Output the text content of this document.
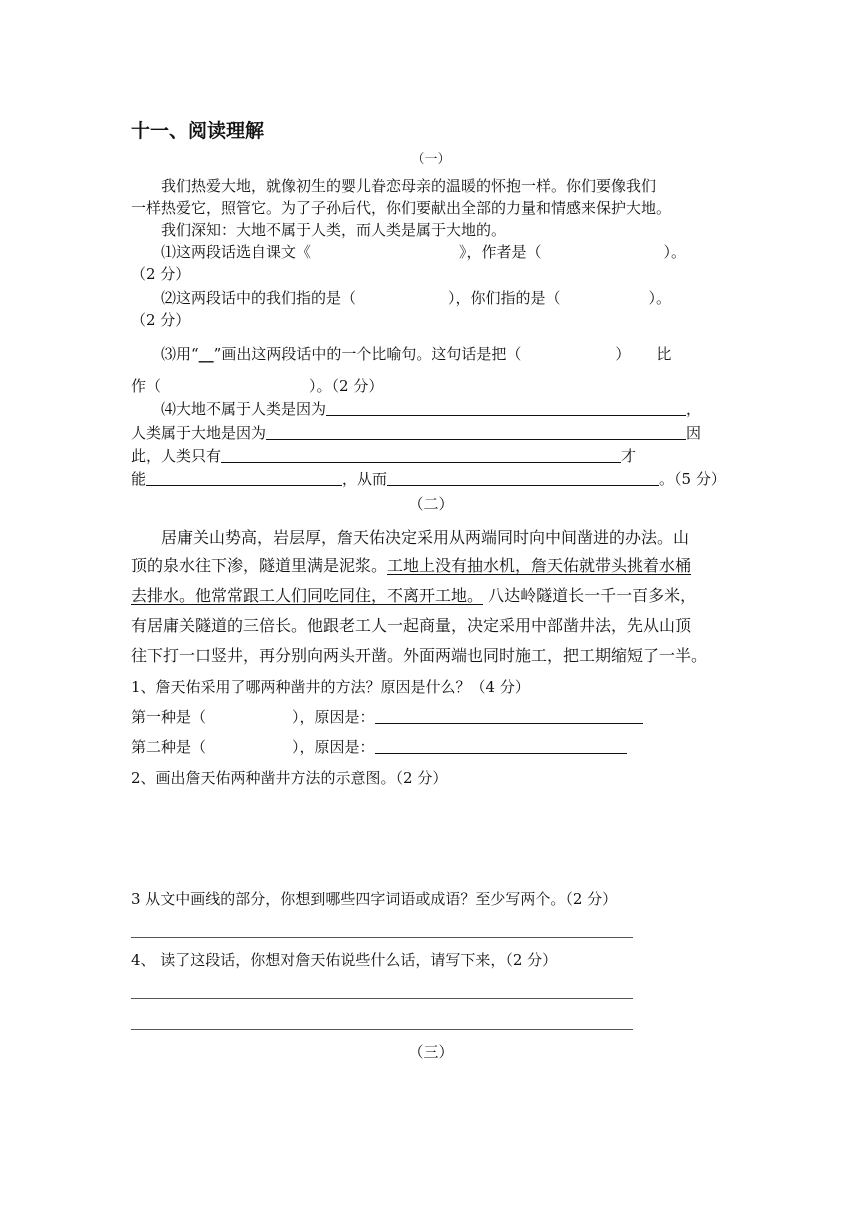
十一、阅读理解
（一）
我们热爱大地，就像初生的婴儿眷恋母亲的温暖的怀抱一样。你们要像我们
一样热爱它，照管它。为了子孙后代，你们要献出全部的力量和情感来保护大地。
我们深知：大地不属于人类，而人类是属于大地的。
⑴这两段话选自课文《	》，作者是（	）。
（2 分）
⑵这两段话中的我们指的是（	），你们指的是（	）。
（2 分）
⑶用“__”画出这两段话中的一个比喻句。这句话是把（	） 比
作（	）。（2 分）
⑷大地不属于人类是因为	，
人类属于大地是因为	因
此，人类只有	才
能	，从而	。（5 分）
（二）
居庸关山势高，岩层厚，詹天佑决定采用从两端同时向中间凿进的办法。山
顶的泉水往下渗，隧道里满是泥浆。工地上没有抽水机，詹天佑就带头挑着水桶
去排水。他常常跟工人们同吃同住，不离开工地。 八达岭隧道长一千一百多米，
有居庸关隧道的三倍长。他跟老工人一起商量，决定采用中部凿井法，先从山顶
往下打一口竖井，再分别向两头开凿。外面两端也同时施工，把工期缩短了一半。
1、詹天佑采用了哪两种凿井的方法？原因是什么？（4 分）
第一种是（	），原因是：
第二种是（	），原因是：
2、画出詹天佑两种凿井方法的示意图。（2 分）
3 从文中画线的部分，你想到哪些四字词语或成语？至少写两个。（2 分）
4、 读了这段话，你想对詹天佑说些什么话，请写下来，（2 分）
（三）
